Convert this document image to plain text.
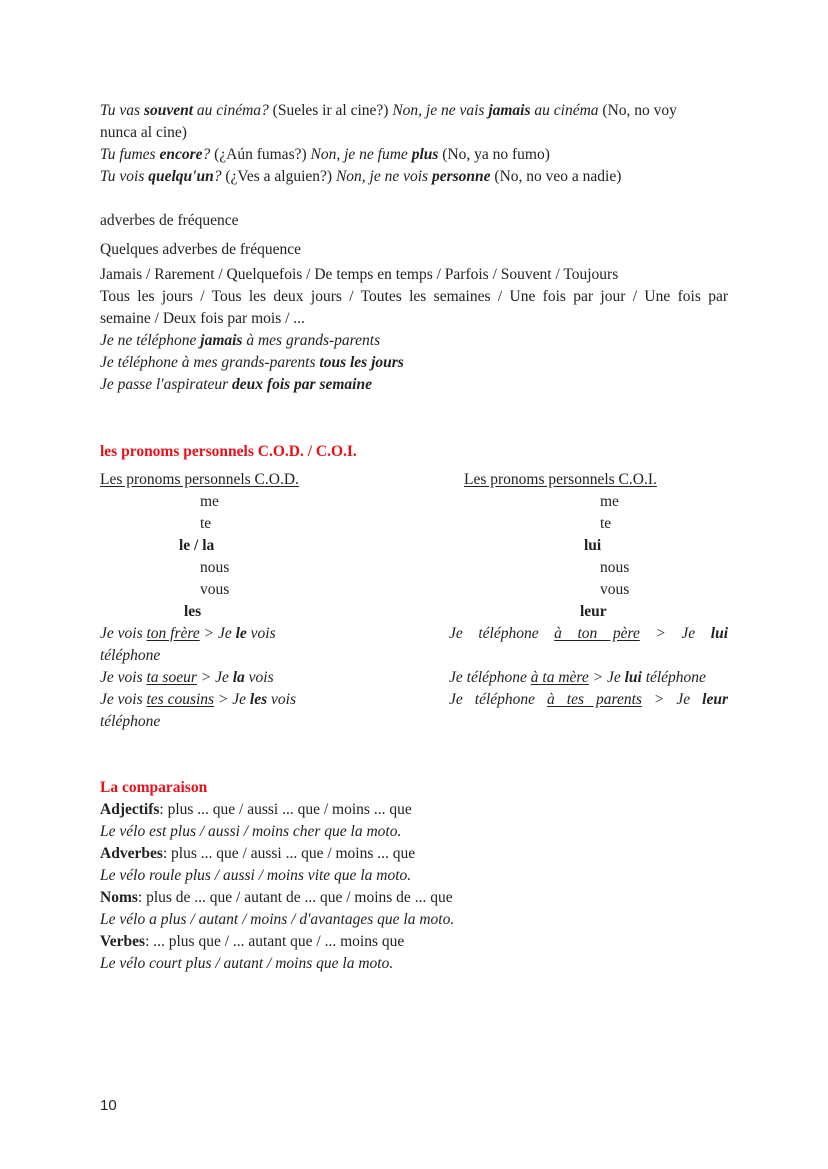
Tu vas souvent au cinéma? (Sueles ir al cine?) Non, je ne vais jamais au cinéma (No, no voy
nunca al cine)
Tu fumes encore? (¿Aún fumas?) Non, je ne fume plus (No, ya no fumo)
Tu vois quelqu'un? (¿Ves a alguien?) Non, je ne vois personne (No, no veo a nadie)
adverbes de fréquence
Quelques adverbes de fréquence
Jamais / Rarement / Quelquefois / De temps en temps / Parfois / Souvent / Toujours
Tous les jours / Tous les deux jours / Toutes les semaines / Une fois par jour / Une fois par
semaine / Deux fois par mois / ...
Je ne téléphone jamais à mes grands-parents
Je téléphone à mes grands-parents tous les jours
Je passe l'aspirateur deux fois par semaine
les pronoms personnels C.O.D. / C.O.I.
Les pronoms personnels C.O.D.
me
te
le / la
nous
vous
les
Je vois ton frère > Je le vois
téléphone
Je vois ta soeur > Je la vois
Je vois tes cousins > Je les vois
téléphone
Les pronoms personnels C.O.I.
me
te
lui
nous
vous
leur
Je téléphone à ton père > Je lui
Je téléphone à ta mère > Je lui téléphone
Je téléphone à tes parents > Je leur
La comparaison
Adjectifs: plus ... que / aussi ... que / moins ... que
Le vélo est plus / aussi / moins cher que la moto.
Adverbes: plus ... que / aussi ... que / moins ... que
Le vélo roule plus / aussi / moins vite que la moto.
Noms: plus de ... que / autant de ... que / moins de ... que
Le vélo a plus / autant / moins / d'avantages que la moto.
Verbes: ... plus que / ... autant que / ... moins que
Le vélo court plus / autant / moins que la moto.
10
